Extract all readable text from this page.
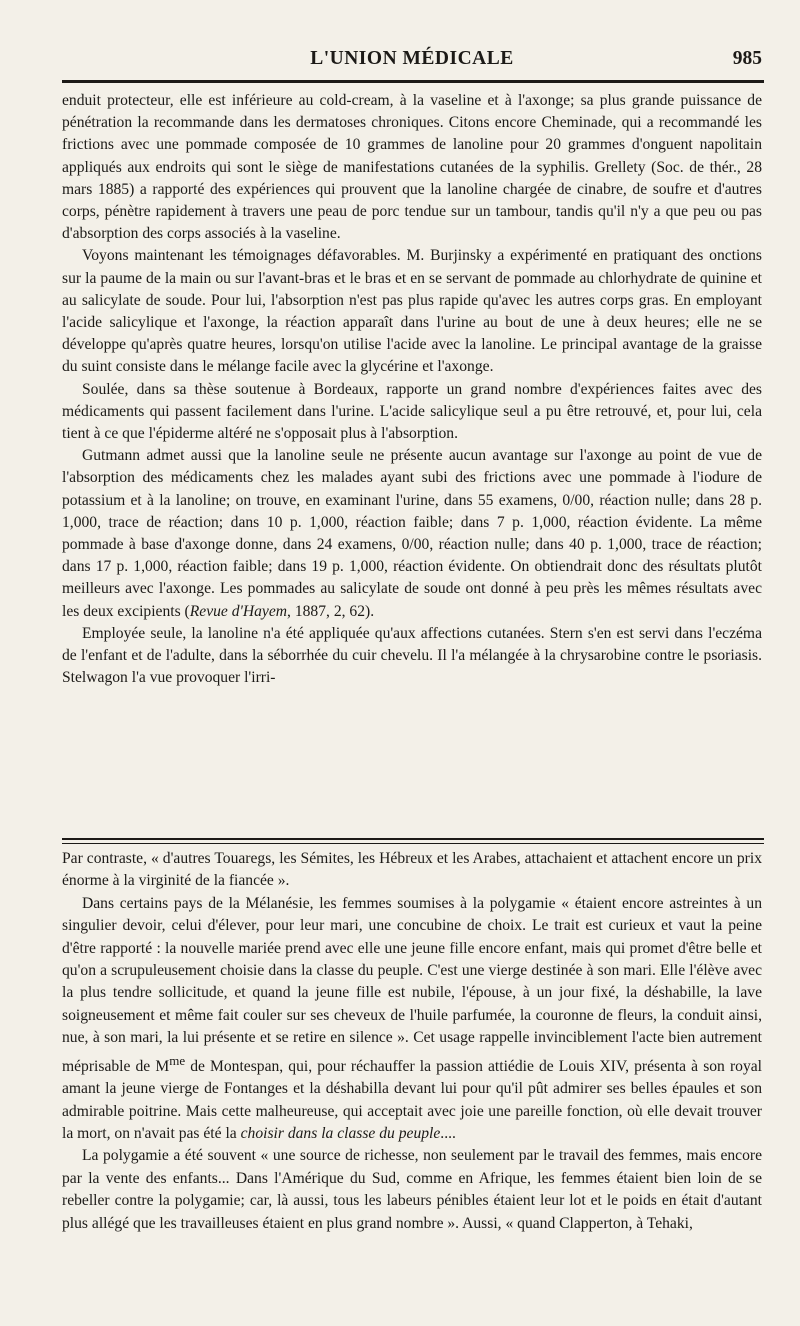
L'UNION MÉDICALE	985

enduit protecteur, elle est inférieure au cold-cream, à la vaseline et à l'axonge; sa plus grande puissance de pénétration la recommande dans les dermatoses chroniques. Citons encore Cheminade, qui a recommandé les frictions avec une pommade composée de 10 grammes de lanoline pour 20 grammes d'onguent napolitain appliqués aux endroits qui sont le siège de manifestations cutanées de la syphilis. Grellety (Soc. de thér., 28 mars 1885) a rapporté des expériences qui prouvent que la lanoline chargée de cinabre, de soufre et d'autres corps, pénètre rapidement à travers une peau de porc tendue sur un tambour, tandis qu'il n'y a que peu ou pas d'absorption des corps associés à la vaseline.

Voyons maintenant les témoignages défavorables. M. Burjinsky a expérimenté en pratiquant des onctions sur la paume de la main ou sur l'avant-bras et le bras et en se servant de pommade au chlorhydrate de quinine et au salicylate de soude. Pour lui, l'absorption n'est pas plus rapide qu'avec les autres corps gras. En employant l'acide salicylique et l'axonge, la réaction apparaît dans l'urine au bout de une à deux heures; elle ne se développe qu'après quatre heures, lorsqu'on utilise l'acide avec la lanoline. Le principal avantage de la graisse du suint consiste dans le mélange facile avec la glycérine et l'axonge.

Soulée, dans sa thèse soutenue à Bordeaux, rapporte un grand nombre d'expériences faites avec des médicaments qui passent facilement dans l'urine. L'acide salicylique seul a pu être retrouvé, et, pour lui, cela tient à ce que l'épiderme altéré ne s'opposait plus à l'absorption.

Gutmann admet aussi que la lanoline seule ne présente aucun avantage sur l'axonge au point de vue de l'absorption des médicaments chez les malades ayant subi des frictions avec une pommade à l'iodure de potassium et à la lanoline; on trouve, en examinant l'urine, dans 55 examens, 0/00, réaction nulle; dans 28 p. 1,000, trace de réaction; dans 10 p. 1,000, réaction faible; dans 7 p. 1,000, réaction évidente. La même pommade à base d'axonge donne, dans 24 examens, 0/00, réaction nulle; dans 40 p. 1,000, trace de réaction; dans 17 p. 1,000, réaction faible; dans 19 p. 1,000, réaction évidente. On obtiendrait donc des résultats plutôt meilleurs avec l'axonge. Les pommades au salicylate de soude ont donné à peu près les mêmes résultats avec les deux excipients (Revue d'Hayem, 1887, 2, 62).

Employée seule, la lanoline n'a été appliquée qu'aux affections cutanées. Stern s'en est servi dans l'eczéma de l'enfant et de l'adulte, dans la séborrhée du cuir chevelu. Il l'a mélangée à la chrysarobine contre le psoriasis. Stelwagon l'a vue provoquer l'irri-

Par contraste, « d'autres Touaregs, les Sémites, les Hébreux et les Arabes, attachaient et attachent encore un prix énorme à la virginité de la fiancée ».

Dans certains pays de la Mélanésie, les femmes soumises à la polygamie « étaient encore astreintes à un singulier devoir, celui d'élever, pour leur mari, une concubine de choix. Le trait est curieux et vaut la peine d'être rapporté : la nouvelle mariée prend avec elle une jeune fille encore enfant, mais qui promet d'être belle et qu'on a scrupuleusement choisie dans la classe du peuple. C'est une vierge destinée à son mari. Elle l'élève avec la plus tendre sollicitude, et quand la jeune fille est nubile, l'épouse, à un jour fixé, la déshabille, la lave soigneusement et même fait couler sur ses cheveux de l'huile parfumée, la couronne de fleurs, la conduit ainsi, nue, à son mari, la lui présente et se retire en silence ». Cet usage rappelle invinciblement l'acte bien autrement méprisable de $M^{me}$ de Montespan, qui, pour réchauffer la passion attiédie de Louis XIV, présenta à son royal amant la jeune vierge de Fontanges et la déshabilla devant lui pour qu'il pût admirer ses belles épaules et son admirable poitrine. Mais cette malheureuse, qui acceptait avec joie une pareille fonction, où elle devait trouver la mort, on n'avait pas été la choisir dans la classe du peuple....

La polygamie a été souvent « une source de richesse, non seulement par le travail des femmes, mais encore par la vente des enfants... Dans l'Amérique du Sud, comme en Afrique, les femmes étaient bien loin de se rebeller contre la polygamie; car, là aussi, tous les labeurs pénibles étaient leur lot et le poids en était d'autant plus allégé que les travailleuses étaient en plus grand nombre ». Aussi, « quand Clapperton, à Tehaki,
